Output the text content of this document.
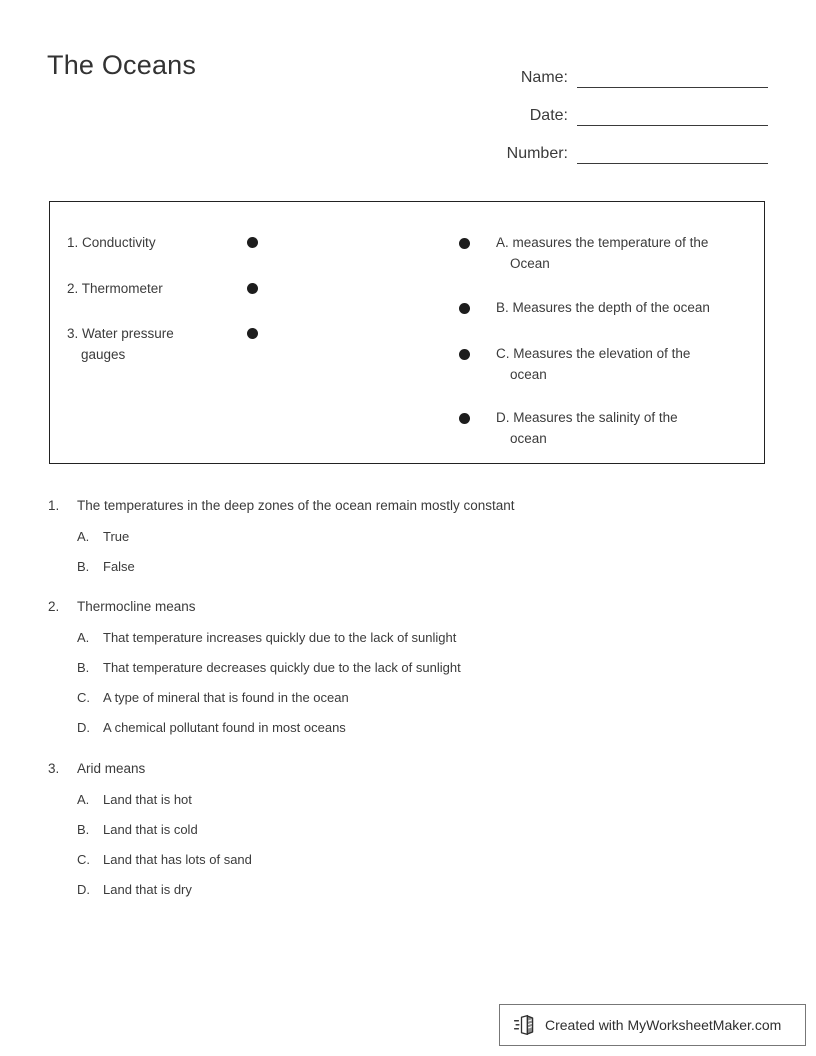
The Oceans	Name:
Date:
Number:
1. Conductivity
2. Thermometer
3. Water pressure
gauges
A. measures the temperature of the
Ocean
B. Measures the depth of the ocean
C. Measures the elevation of the
ocean
D. Measures the salinity of the
ocean
1.	The temperatures in the deep zones of the ocean remain mostly constant
A.	True
B.	False
2.	Thermocline means
A.	That temperature increases quickly due to the lack of sunlight
B.	That temperature decreases quickly due to the lack of sunlight
C.	A type of mineral that is found in the ocean
D.	A chemical pollutant found in most oceans
3.	Arid means
A.	Land that is hot
B.	Land that is cold
C.	Land that has lots of sand
D.	Land that is dry
Created with MyWorksheetMaker.com
